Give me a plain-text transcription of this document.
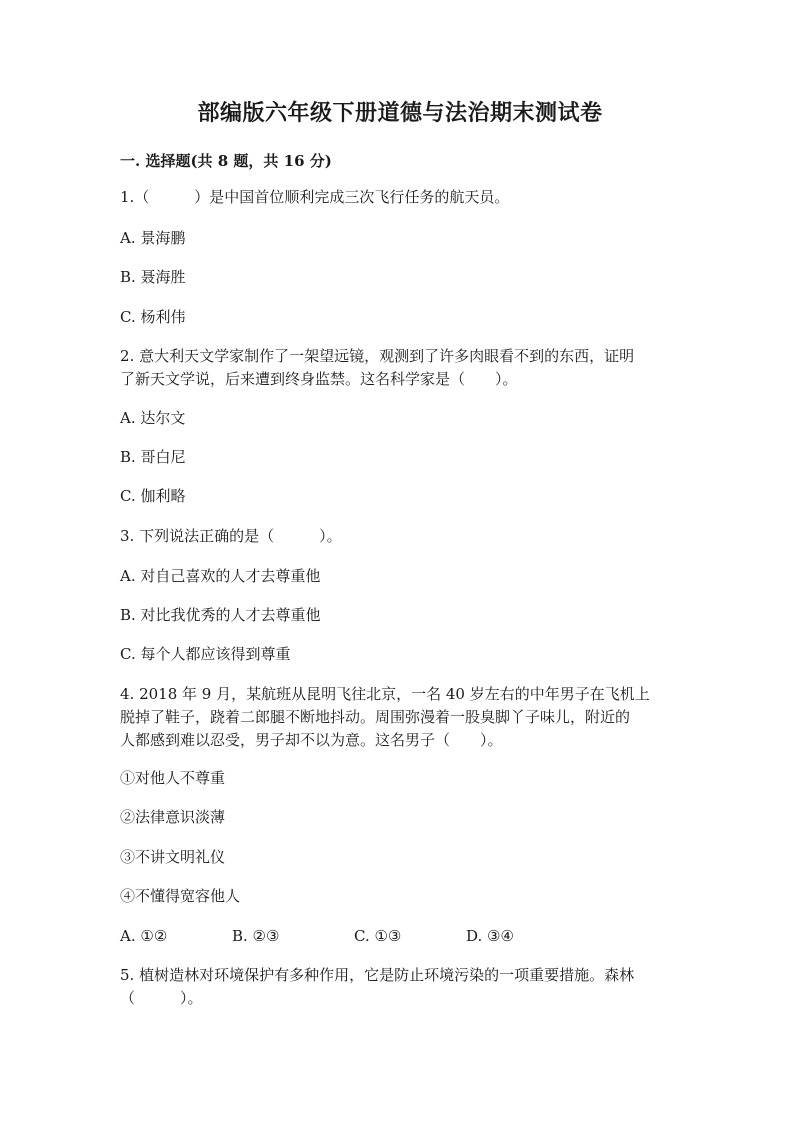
部编版六年级下册道德与法治期末测试卷
一. 选择题(共 8 题，共 16 分)
1.（　　　）是中国首位顺利完成三次飞行任务的航天员。
A. 景海鹏
B. 聂海胜
C. 杨利伟
2. 意大利天文学家制作了一架望远镜，观测到了许多肉眼看不到的东西，证明
了新天文学说，后来遭到终身监禁。这名科学家是（　　）。
A. 达尔文
B. 哥白尼
C. 伽利略
3. 下列说法正确的是（　　　）。
A. 对自己喜欢的人才去尊重他
B. 对比我优秀的人才去尊重他
C. 每个人都应该得到尊重
4. 2018 年 9 月，某航班从昆明飞往北京，一名 40 岁左右的中年男子在飞机上
脱掉了鞋子，跷着二郎腿不断地抖动。周围弥漫着一股臭脚丫子味儿，附近的
人都感到难以忍受，男子却不以为意。这名男子（　　）。
①对他人不尊重
②法律意识淡薄
③不讲文明礼仪
④不懂得宽容他人
A. ①②	B. ②③	C. ①③	D. ③④
5. 植树造林对环境保护有多种作用，它是防止环境污染的一项重要措施。森林
（　　　）。
